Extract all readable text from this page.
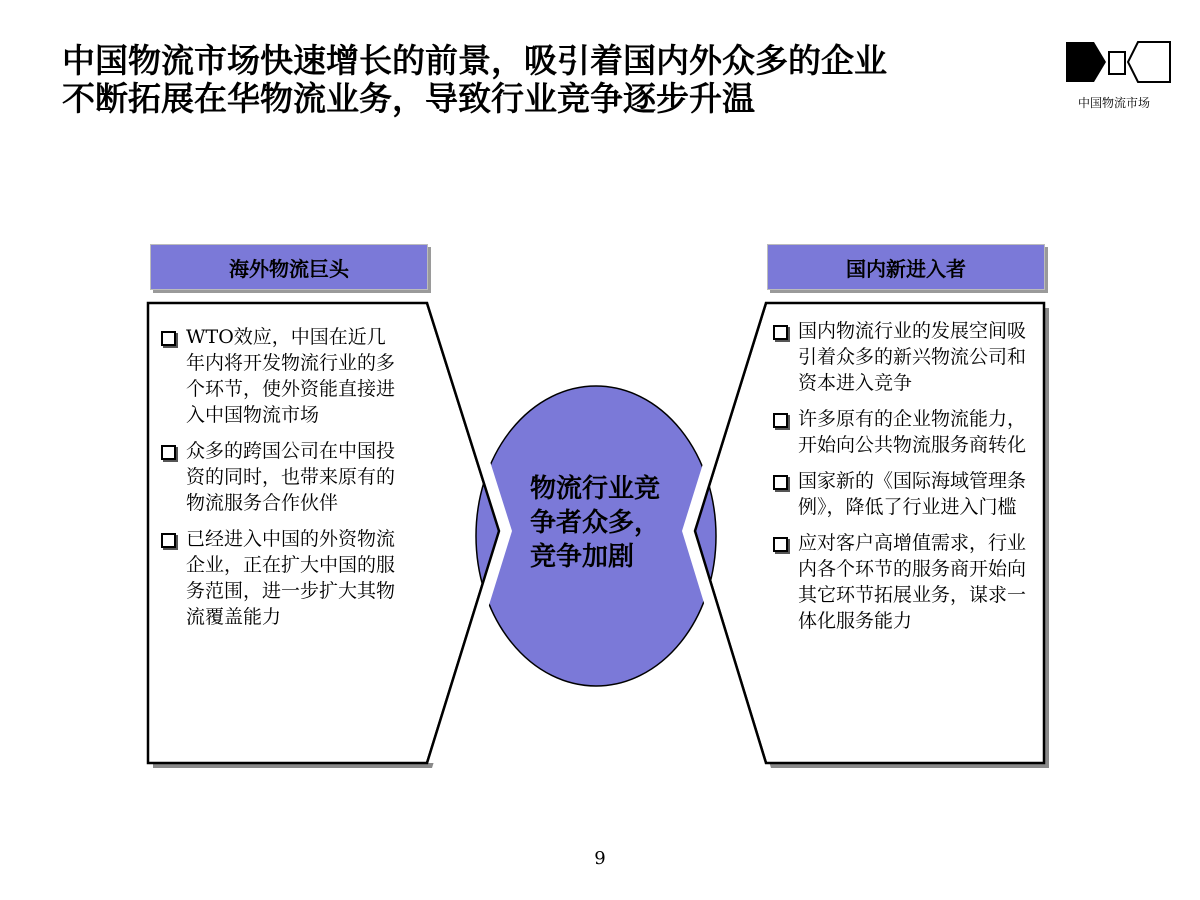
中国物流市场快速增长的前景，吸引着国内外众多的企业
不断拓展在华物流业务，导致行业竞争逐步升温	中国物流市场
海外物流巨头	国内新进入者
WTO效应，中国在近几年内将开发物流行业的多个环节，使外资能直接进入中国物流市场
众多的跨国公司在中国投资的同时，也带来原有的物流服务合作伙伴
已经进入中国的外资物流企业，正在扩大中国的服务范围，进一步扩大其物流覆盖能力
国内物流行业的发展空间吸引着众多的新兴物流公司和资本进入竞争
许多原有的企业物流能力，开始向公共物流服务商转化
国家新的《国际海域管理条例》，降低了行业进入门槛
应对客户高增值需求，行业内各个环节的服务商开始向其它环节拓展业务，谋求一体化服务能力
物流行业竞争者众多，竞争加剧
9
